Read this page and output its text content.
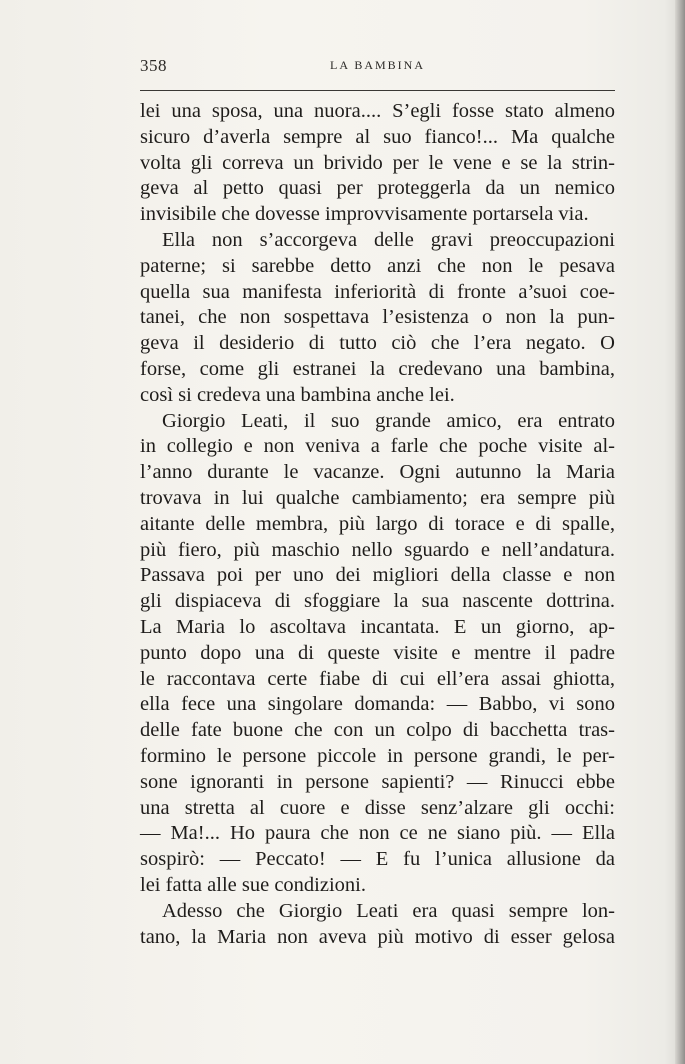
358	LA BAMBINA
lei una sposa, una nuora.... S’egli fosse stato almeno
sicuro d’averla sempre al suo fianco!... Ma qualche
volta gli correva un brivido per le vene e se la strin-
geva al petto quasi per proteggerla da un nemico
invisibile che dovesse improvvisamente portarsela via.
Ella non s’accorgeva delle gravi preoccupazioni
paterne; si sarebbe detto anzi che non le pesava
quella sua manifesta inferiorità di fronte a’suoi coe-
tanei, che non sospettava l’esistenza o non la pun-
geva il desiderio di tutto ciò che l’era negato. O
forse, come gli estranei la credevano una bambina,
così si credeva una bambina anche lei.
Giorgio Leati, il suo grande amico, era entrato
in collegio e non veniva a farle che poche visite al-
l’anno durante le vacanze. Ogni autunno la Maria
trovava in lui qualche cambiamento; era sempre più
aitante delle membra, più largo di torace e di spalle,
più fiero, più maschio nello sguardo e nell’andatura.
Passava poi per uno dei migliori della classe e non
gli dispiaceva di sfoggiare la sua nascente dottrina.
La Maria lo ascoltava incantata. E un giorno, ap-
punto dopo una di queste visite e mentre il padre
le raccontava certe fiabe di cui ell’era assai ghiotta,
ella fece una singolare domanda: — Babbo, vi sono
delle fate buone che con un colpo di bacchetta tras-
formino le persone piccole in persone grandi, le per-
sone ignoranti in persone sapienti? — Rinucci ebbe
una stretta al cuore e disse senz’alzare gli occhi:
— Ma!... Ho paura che non ce ne siano più. — Ella
sospirò: — Peccato! — E fu l’unica allusione da
lei fatta alle sue condizioni.
Adesso che Giorgio Leati era quasi sempre lon-
tano, la Maria non aveva più motivo di esser gelosa
